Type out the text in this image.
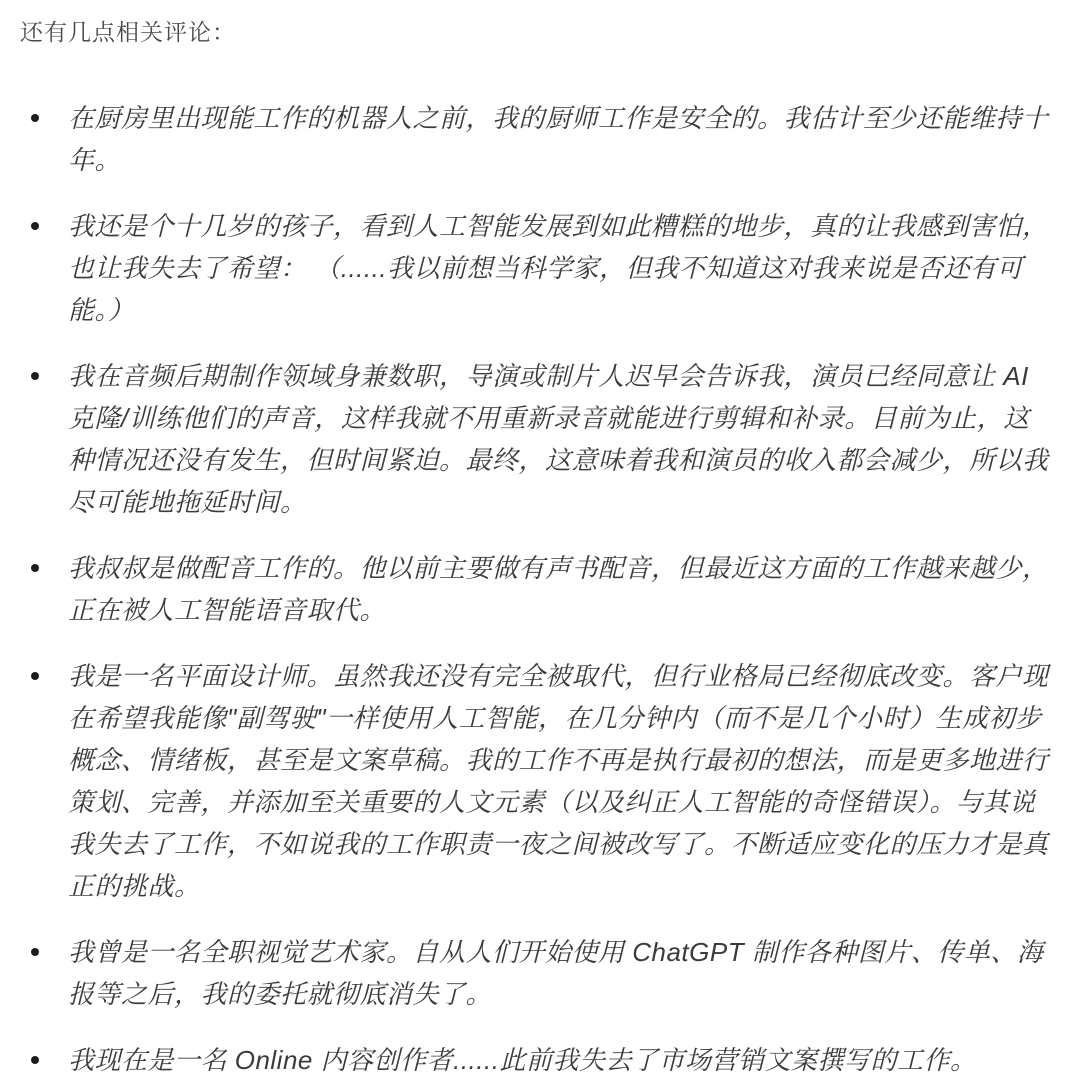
还有几点相关评论：
在厨房里出现能工作的机器人之前，我的厨师工作是安全的。我估计至少还能维持十年。
我还是个十几岁的孩子，看到人工智能发展到如此糟糕的地步，真的让我感到害怕，也让我失去了希望： （......我以前想当科学家，但我不知道这对我来说是否还有可能。）
我在音频后期制作领域身兼数职，导演或制片人迟早会告诉我，演员已经同意让 AI 克隆/训练他们的声音，这样我就不用重新录音就能进行剪辑和补录。目前为止，这种情况还没有发生，但时间紧迫。最终，这意味着我和演员的收入都会减少，所以我尽可能地拖延时间。
我叔叔是做配音工作的。他以前主要做有声书配音，但最近这方面的工作越来越少，正在被人工智能语音取代。
我是一名平面设计师。虽然我还没有完全被取代，但行业格局已经彻底改变。客户现在希望我能像"副驾驶"一样使用人工智能，在几分钟内（而不是几个小时）生成初步概念、情绪板，甚至是文案草稿。我的工作不再是执行最初的想法，而是更多地进行策划、完善，并添加至关重要的人文元素（以及纠正人工智能的奇怪错误）。与其说我失去了工作，不如说我的工作职责一夜之间被改写了。不断适应变化的压力才是真正的挑战。
我曾是一名全职视觉艺术家。自从人们开始使用 ChatGPT 制作各种图片、传单、海报等之后，我的委托就彻底消失了。
我现在是一名 Online 内容创作者......此前我失去了市场营销文案撰写的工作。
